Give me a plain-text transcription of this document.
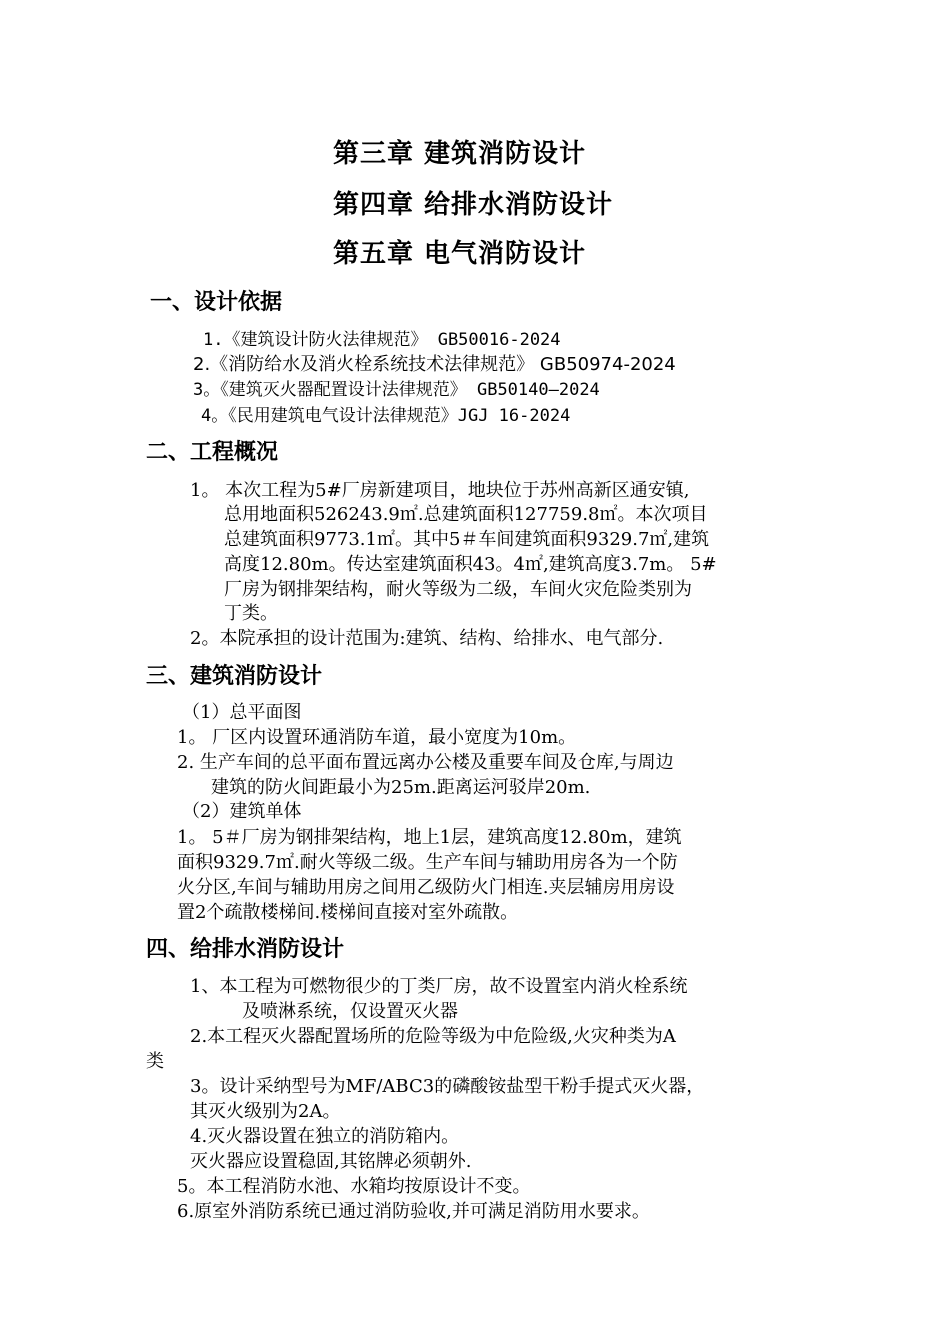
第三章 建筑消防设计
第四章 给排水消防设计
第五章 电气消防设计
一、设计依据
1.《建筑设计防火法律规范》 GB50016-2024
2.《消防给水及消火栓系统技术法律规范》 GB50974-2024
3。《建筑灭火器配置设计法律规范》 GB50140—2024
4。《民用建筑电气设计法律规范》JGJ 16-2024
二、工程概况
1。 本次工程为5#厂房新建项目，地块位于苏州高新区通安镇,
总用地面积526243.9㎡.总建筑面积127759.8㎡。本次项目
总建筑面积9773.1㎡。其中5＃车间建筑面积9329.7㎡,建筑
高度12.80m。传达室建筑面积43。4㎡,建筑高度3.7m。 5#
厂房为钢排架结构，耐火等级为二级，车间火灾危险类别为
丁类。
2。本院承担的设计范围为:建筑、结构、给排水、电气部分.
三、建筑消防设计
（1）总平面图
1。 厂区内设置环通消防车道，最小宽度为10m。
2. 生产车间的总平面布置远离办公楼及重要车间及仓库,与周边
建筑的防火间距最小为25m.距离运河驳岸20m.
（2）建筑单体
1。 5＃厂房为钢排架结构，地上1层，建筑高度12.80m，建筑
面积9329.7㎡.耐火等级二级。生产车间与辅助用房各为一个防
火分区,车间与辅助用房之间用乙级防火门相连.夹层辅房用房设
置2个疏散楼梯间.楼梯间直接对室外疏散。
四、给排水消防设计
1、本工程为可燃物很少的丁类厂房，故不设置室内消火栓系统
及喷淋系统，仅设置灭火器
2.本工程灭火器配置场所的危险等级为中危险级,火灾种类为A
类
3。设计采纳型号为MF/ABC3的磷酸铵盐型干粉手提式灭火器，
其灭火级别为2A。
4.灭火器设置在独立的消防箱内。
灭火器应设置稳固,其铭牌必须朝外.
5。本工程消防水池、水箱均按原设计不变。
6.原室外消防系统已通过消防验收,并可满足消防用水要求。
